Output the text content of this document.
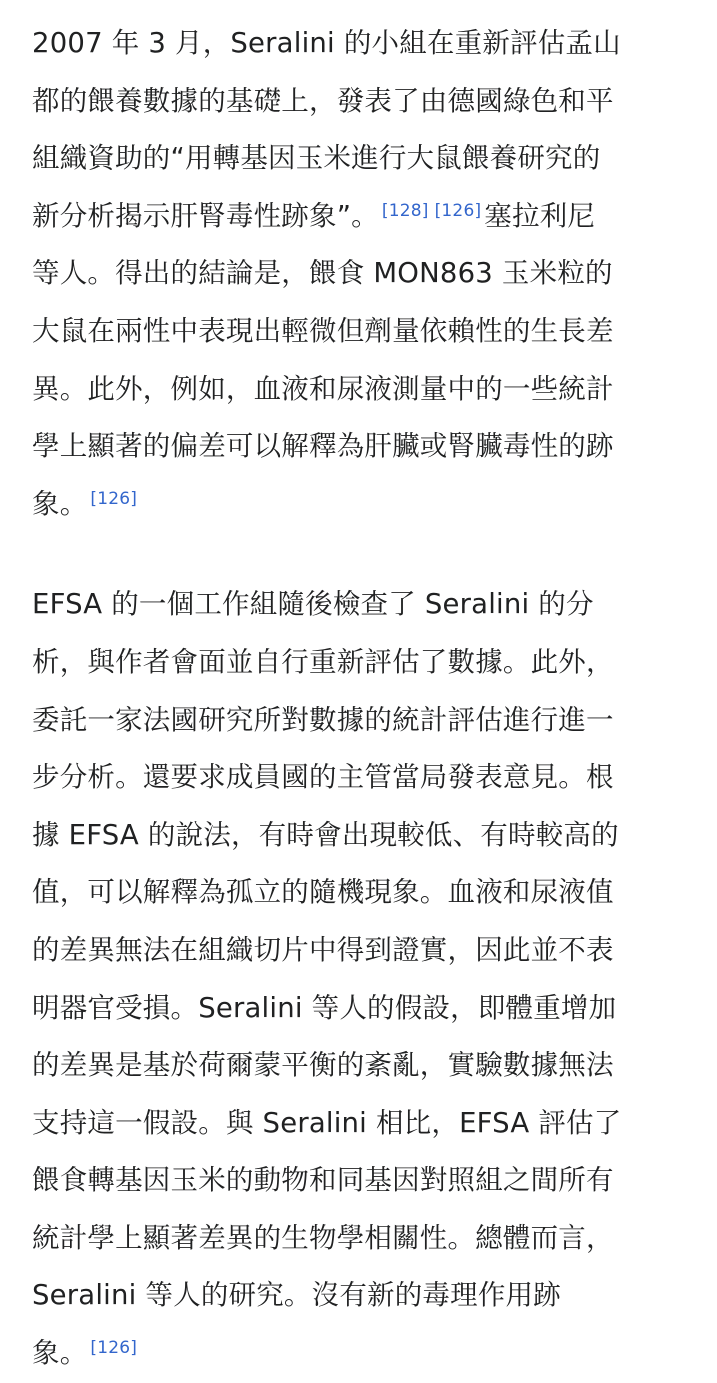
2007 年 3 月，Seralini 的小組在重新評估孟山
都的餵養數據的基礎上，發表了由德國綠色和平
組織資助的“用轉基因玉米進行大鼠餵養研究的
新分析揭示肝腎毒性跡象”。 [128] [126] 塞拉利尼
等人。得出的結論是，餵食 MON863 玉米粒的
大鼠在兩性中表現出輕微但劑量依賴性的生長差
異。此外，例如，血液和尿液測量中的一些統計
學上顯著的偏差可以解釋為肝臟或腎臟毒性的跡
象。 [126]
EFSA 的一個工作組隨後檢查了 Seralini 的分
析，與作者會面並自行重新評估了數據。此外，
委託一家法國研究所對數據的統計評估進行進一
步分析。還要求成員國的主管當局發表意見。根
據 EFSA 的說法，有時會出現較低、有時較高的
值，可以解釋為孤立的隨機現象。血液和尿液值
的差異無法在組織切片中得到證實，因此並不表
明器官受損。Seralini 等人的假設，即體重增加
的差異是基於荷爾蒙平衡的紊亂，實驗數據無法
支持這一假設。與 Seralini 相比，EFSA 評估了
餵食轉基因玉米的動物和同基因對照組之間所有
統計學上顯著差異的生物學相關性。總體而言，
Seralini 等人的研究。沒有新的毒理作用跡
象。 [126]
